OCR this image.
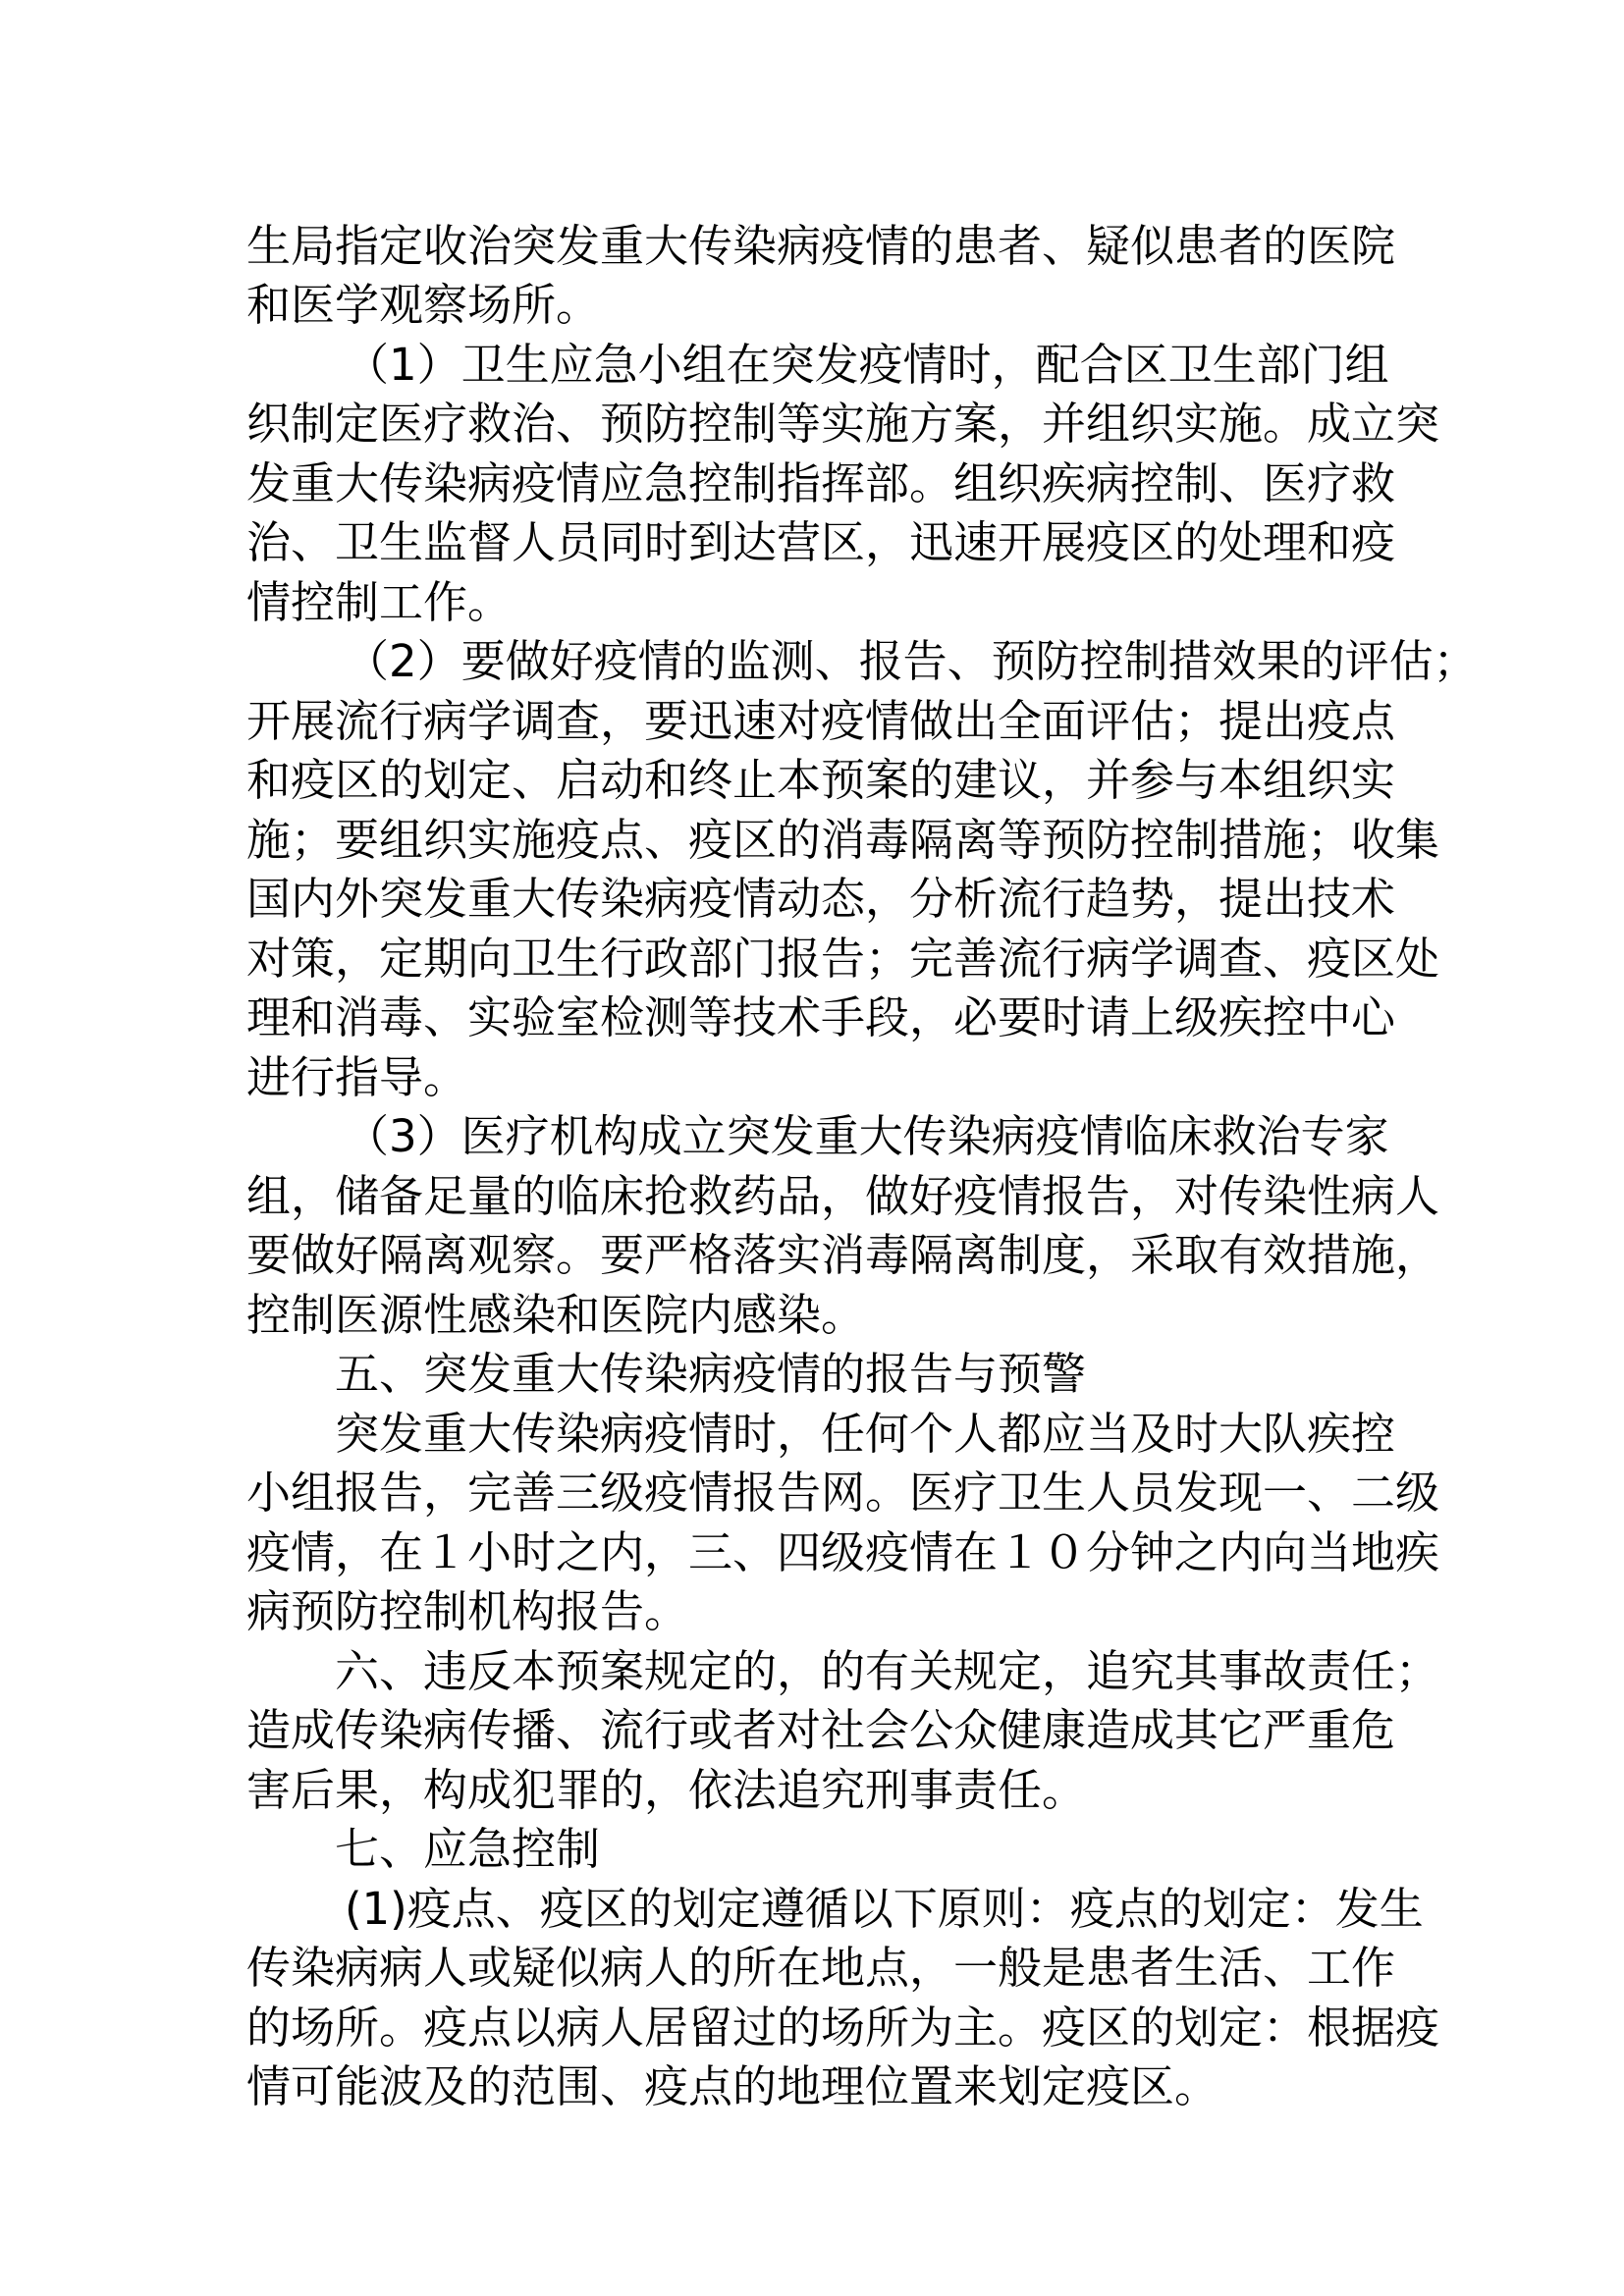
生局指定收治突发重大传染病疫情的患者、疑似患者的医院
和医学观察场所。
（1）卫生应急小组在突发疫情时，配合区卫生部门组
织制定医疗救治、预防控制等实施方案，并组织实施。成立突
发重大传染病疫情应急控制指挥部。组织疾病控制、医疗救
治、卫生监督人员同时到达营区，迅速开展疫区的处理和疫
情控制工作。
（2）要做好疫情的监测、报告、预防控制措效果的评估；
开展流行病学调查，要迅速对疫情做出全面评估；提出疫点
和疫区的划定、启动和终止本预案的建议，并参与本组织实
施；要组织实施疫点、疫区的消毒隔离等预防控制措施；收集
国内外突发重大传染病疫情动态，分析流行趋势，提出技术
对策，定期向卫生行政部门报告；完善流行病学调查、疫区处
理和消毒、实验室检测等技术手段，必要时请上级疾控中心
进行指导。
（3）医疗机构成立突发重大传染病疫情临床救治专家
组，储备足量的临床抢救药品，做好疫情报告，对传染性病人
要做好隔离观察。要严格落实消毒隔离制度，采取有效措施，
控制医源性感染和医院内感染。
五、突发重大传染病疫情的报告与预警
突发重大传染病疫情时，任何个人都应当及时大队疾控
小组报告，完善三级疫情报告网。医疗卫生人员发现一、二级
疫情，在１小时之内，三、四级疫情在１０分钟之内向当地疾
病预防控制机构报告。
六、违反本预案规定的，的有关规定，追究其事故责任；
造成传染病传播、流行或者对社会公众健康造成其它严重危
害后果，构成犯罪的，依法追究刑事责任。
七、应急控制
(1)疫点、疫区的划定遵循以下原则：疫点的划定：发生
传染病病人或疑似病人的所在地点，一般是患者生活、工作
的场所。疫点以病人居留过的场所为主。疫区的划定：根据疫
情可能波及的范围、疫点的地理位置来划定疫区。
